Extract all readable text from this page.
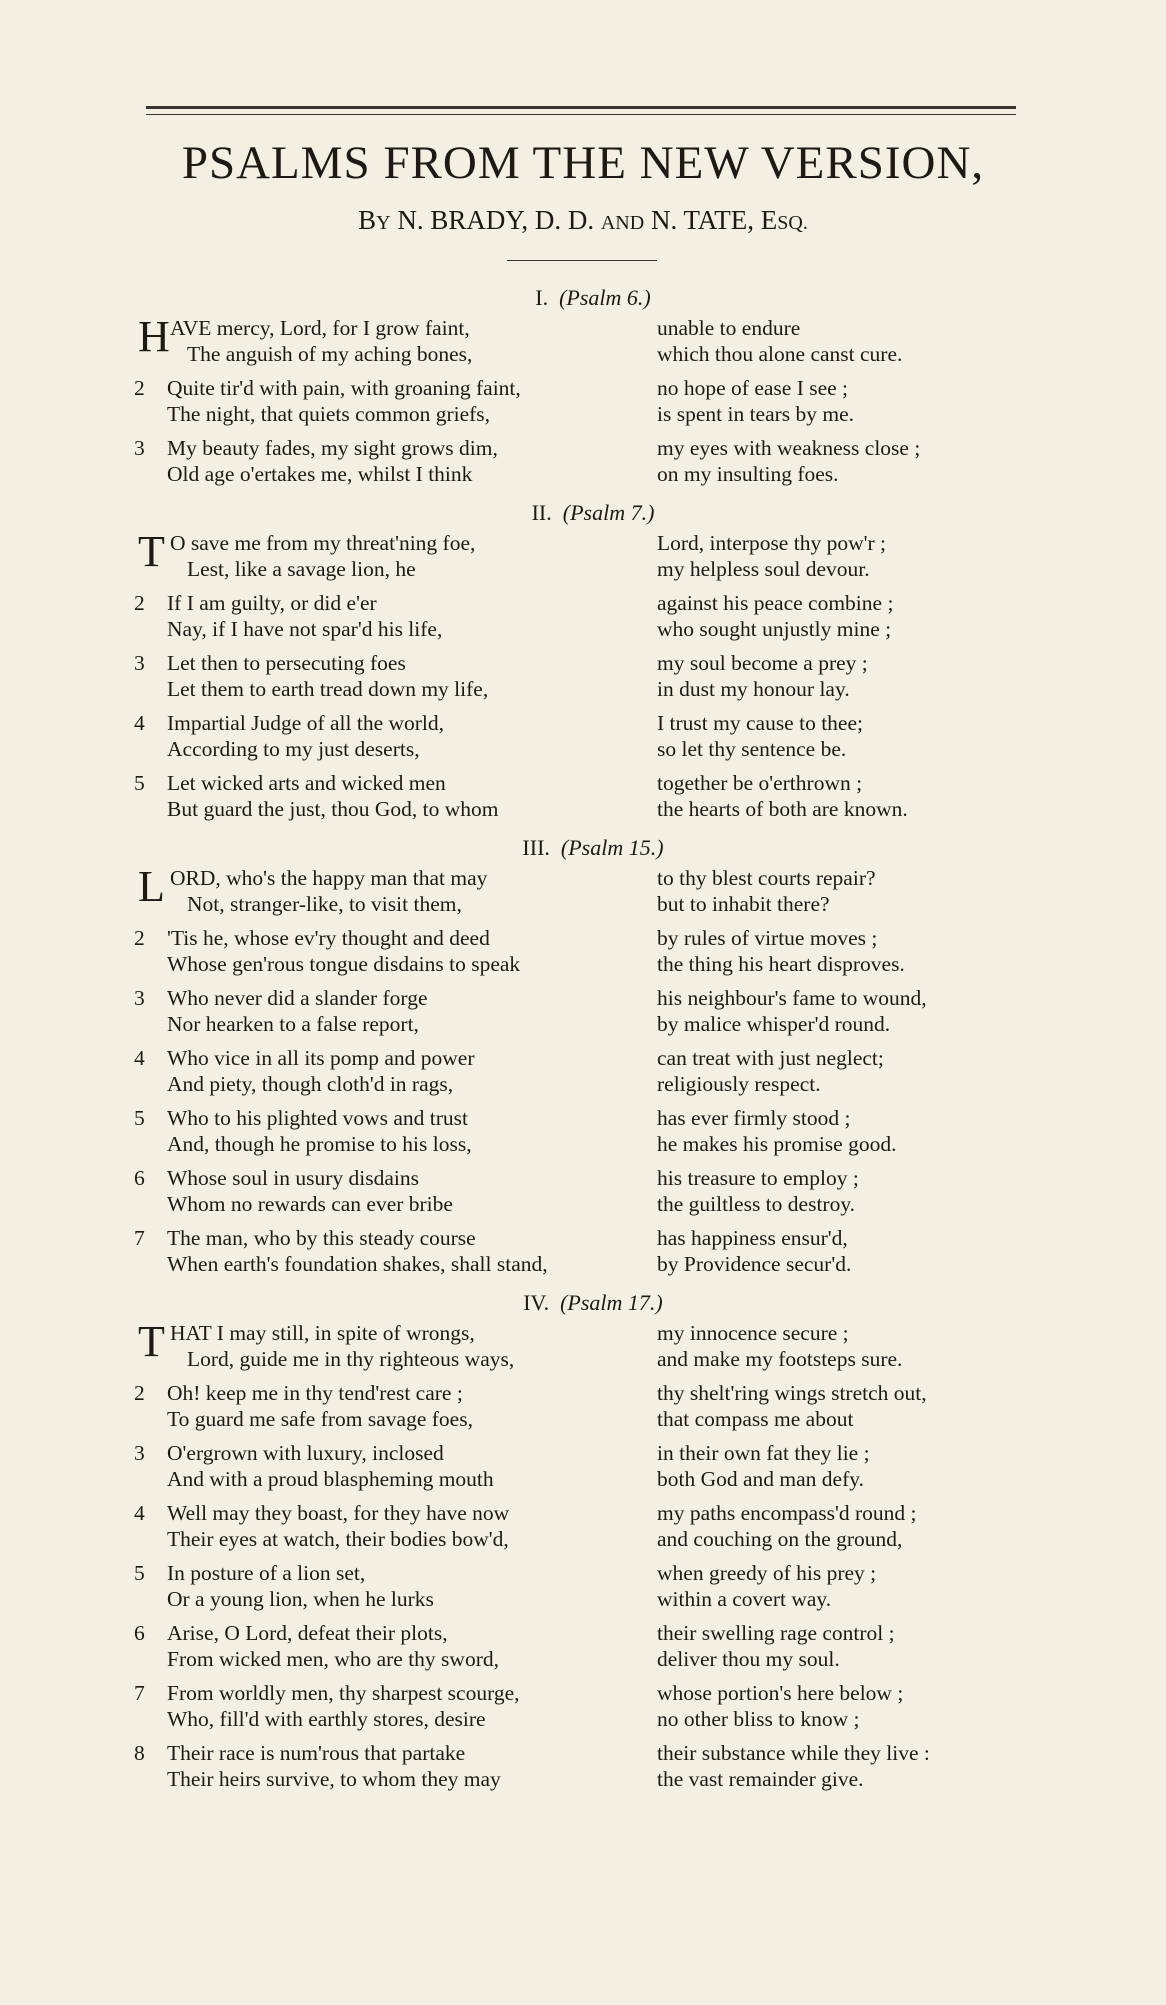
PSALMS FROM THE NEW VERSION,
BY N. BRADY, D. D. AND N. TATE, ESQ.
I. (Psalm 6.)
H AVE mercy, Lord, for I grow faint,	unable to endure
The anguish of my aching bones,	which thou alone canst cure.
2	Quite tir'd with pain, with groaning faint,	no hope of ease I see ;
The night, that quiets common griefs,	is spent in tears by me.
3	My beauty fades, my sight grows dim,	my eyes with weakness close ;
Old age o'ertakes me, whilst I think	on my insulting foes.
II. (Psalm 7.)
T O save me from my threat'ning foe,	Lord, interpose thy pow'r ;
Lest, like a savage lion, he	my helpless soul devour.
2	If I am guilty, or did e'er	against his peace combine ;
Nay, if I have not spar'd his life,	who sought unjustly mine ;
3	Let then to persecuting foes	my soul become a prey ;
Let them to earth tread down my life,	in dust my honour lay.
4	Impartial Judge of all the world,	I trust my cause to thee;
According to my just deserts,	so let thy sentence be.
5	Let wicked arts and wicked men	together be o'erthrown ;
But guard the just, thou God, to whom	the hearts of both are known.
III. (Psalm 15.)
L ORD, who's the happy man that may	to thy blest courts repair?
Not, stranger-like, to visit them,	but to inhabit there?
2	'Tis he, whose ev'ry thought and deed	by rules of virtue moves ;
Whose gen'rous tongue disdains to speak	the thing his heart disproves.
3	Who never did a slander forge	his neighbour's fame to wound,
Nor hearken to a false report,	by malice whisper'd round.
4	Who vice in all its pomp and power	can treat with just neglect;
And piety, though cloth'd in rags,	religiously respect.
5	Who to his plighted vows and trust	has ever firmly stood ;
And, though he promise to his loss,	he makes his promise good.
6	Whose soul in usury disdains	his treasure to employ ;
Whom no rewards can ever bribe	the guiltless to destroy.
7	The man, who by this steady course	has happiness ensur'd,
When earth's foundation shakes, shall stand,	by Providence secur'd.
IV. (Psalm 17.)
T HAT I may still, in spite of wrongs,	my innocence secure ;
Lord, guide me in thy righteous ways,	and make my footsteps sure.
2	Oh! keep me in thy tend'rest care ;	thy shelt'ring wings stretch out,
To guard me safe from savage foes,	that compass me about
3	O'ergrown with luxury, inclosed	in their own fat they lie ;
And with a proud blaspheming mouth	both God and man defy.
4	Well may they boast, for they have now	my paths encompass'd round ;
Their eyes at watch, their bodies bow'd,	and couching on the ground,
5	In posture of a lion set,	when greedy of his prey ;
Or a young lion, when he lurks	within a covert way.
6	Arise, O Lord, defeat their plots,	their swelling rage control ;
From wicked men, who are thy sword,	deliver thou my soul.
7	From worldly men, thy sharpest scourge,	whose portion's here below ;
Who, fill'd with earthly stores, desire	no other bliss to know ;
8	Their race is num'rous that partake	their substance while they live :
Their heirs survive, to whom they may	the vast remainder give.
